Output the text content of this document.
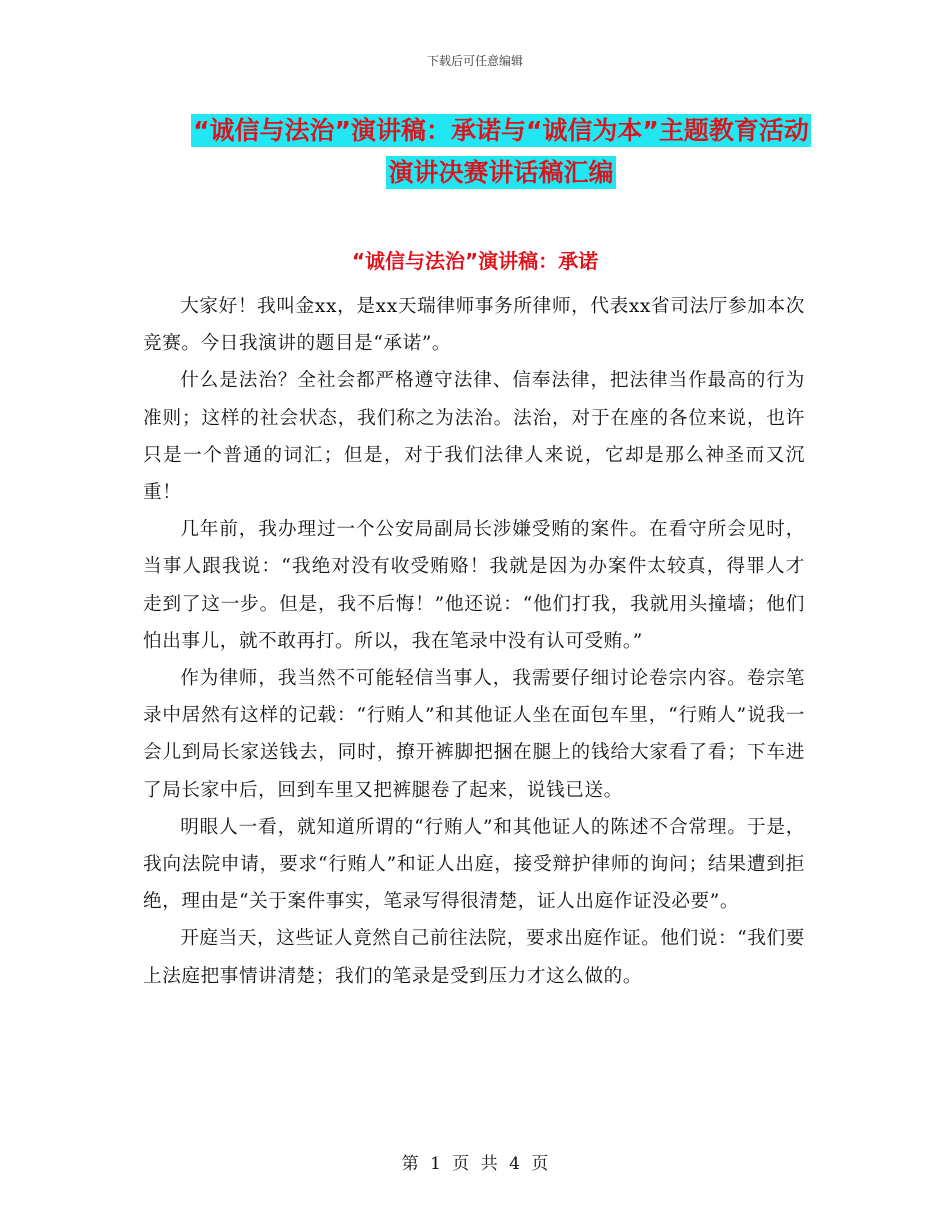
下载后可任意编辑
“诚信与法治”演讲稿：承诺与“诚信为本”主题教育活动演讲决赛讲话稿汇编
“诚信与法治”演讲稿：承诺

大家好！我叫金xx，是xx天瑞律师事务所律师，代表xx省司法厅参加本次竞赛。今日我演讲的题目是“承诺”。

什么是法治？全社会都严格遵守法律、信奉法律，把法律当作最高的行为准则；这样的社会状态，我们称之为法治。法治，对于在座的各位来说，也许只是一个普通的词汇；但是，对于我们法律人来说，它却是那么神圣而又沉重！

几年前，我办理过一个公安局副局长涉嫌受贿的案件。在看守所会见时，当事人跟我说：“我绝对没有收受贿赂！我就是因为办案件太较真，得罪人才走到了这一步。但是，我不后悔！”他还说：“他们打我，我就用头撞墙；他们怕出事儿，就不敢再打。所以，我在笔录中没有认可受贿。”

作为律师，我当然不可能轻信当事人，我需要仔细讨论卷宗内容。卷宗笔录中居然有这样的记载：“行贿人”和其他证人坐在面包车里，“行贿人”说我一会儿到局长家送钱去，同时，撩开裤脚把捆在腿上的钱给大家看了看；下车进了局长家中后，回到车里又把裤腿卷了起来，说钱已送。

明眼人一看，就知道所谓的“行贿人”和其他证人的陈述不合常理。于是，我向法院申请，要求“行贿人”和证人出庭，接受辩护律师的询问；结果遭到拒绝，理由是“关于案件事实，笔录写得很清楚，证人出庭作证没必要”。

开庭当天，这些证人竟然自己前往法院，要求出庭作证。他们说：“我们要上法庭把事情讲清楚；我们的笔录是受到压力才这么做的。

第 1 页 共 4 页
